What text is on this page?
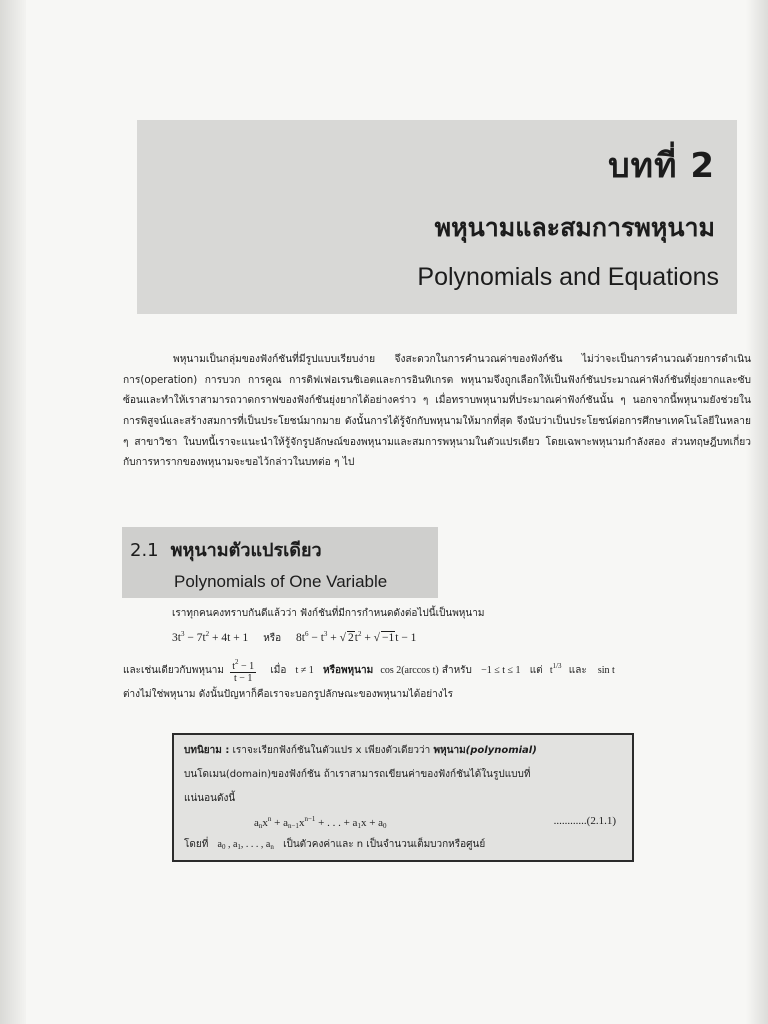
บทที่ 2
พหุนามและสมการพหุนาม
Polynomials and Equations

พหุนามเป็นกลุ่มของฟังก์ชันที่มีรูปแบบเรียบง่าย จึงสะดวกในการคำนวณค่าของฟังก์ชัน ไม่ว่าจะเป็นการคำนวณด้วยการดำเนินการ(operation) การบวก การคูณ การดิฟเฟอเรนชิเอตและการอินทิเกรต พหุนามจึงถูกเลือกให้เป็นฟังก์ชันประมาณค่าฟังก์ชันที่ยุ่งยากและซับซ้อนและทำให้เราสามารถวาดกราฟของฟังก์ชันยุ่งยากได้อย่างคร่าว ๆ เมื่อทราบพหุนามที่ประมาณค่าฟังก์ชันนั้น ๆ นอกจากนี้พหุนามยังช่วยในการพิสูจน์และสร้างสมการที่เป็นประโยชน์มากมาย ดังนั้นการได้รู้จักกับพหุนามให้มากที่สุด จึงนับว่าเป็นประโยชน์ต่อการศึกษาเทคโนโลยีในหลาย ๆ สาขาวิชา ในบทนี้เราจะแนะนำให้รู้จักรูปลักษณ์ของพหุนามและสมการพหุนามในตัวแปรเดียว โดยเฉพาะพหุนามกำลังสอง ส่วนทฤษฎีบทเกี่ยวกับการหารากของพหุนามจะขอไว้กล่าวในบทต่อ ๆ ไป

2.1 พหุนามตัวแปรเดียว
Polynomials of One Variable
เราทุกคนคงทราบกันดีแล้วว่า ฟังก์ชันที่มีการกำหนดดังต่อไปนี้เป็นพหุนาม
$3t^3 - 7t^2 + 4t + 1$ หรือ $8t^6 - t^3$ + √ $2t^2$ + √ −1t − 1
และเช่นเดียวกับพหุนาม $\frac{t^2 - 1}{t - 1}$ เมื่อ t ≠ 1 หรือพหุนาม cos 2(arccos t) สำหรับ −1 ≤ t ≤ 1 แต่ $t^{1/3}$ และ sin t
ต่างไม่ใช่พหุนาม ดังนั้นปัญหาก็คือเราจะบอกรูปลักษณะของพหุนามได้อย่างไร
บทนิยาม : เราจะเรียกฟังก์ชันในตัวแปร x เพียงตัวเดียวว่า พหุนาม(polynomial)
บนโดเมน(domain)ของฟังก์ชัน ถ้าเราสามารถเขียนค่าของฟังก์ชันได้ในรูปแบบที่
แน่นอนดังนี้
$a_nx^n + a_{n-1}x^{n-1}$ + . . . + $a_1x + a_0$	............(2.1.1)
โดยที่ $a_0$ , $a_1$, . . . , $a_n$ เป็นตัวคงค่าและ n เป็นจำนวนเต็มบวกหรือศูนย์
